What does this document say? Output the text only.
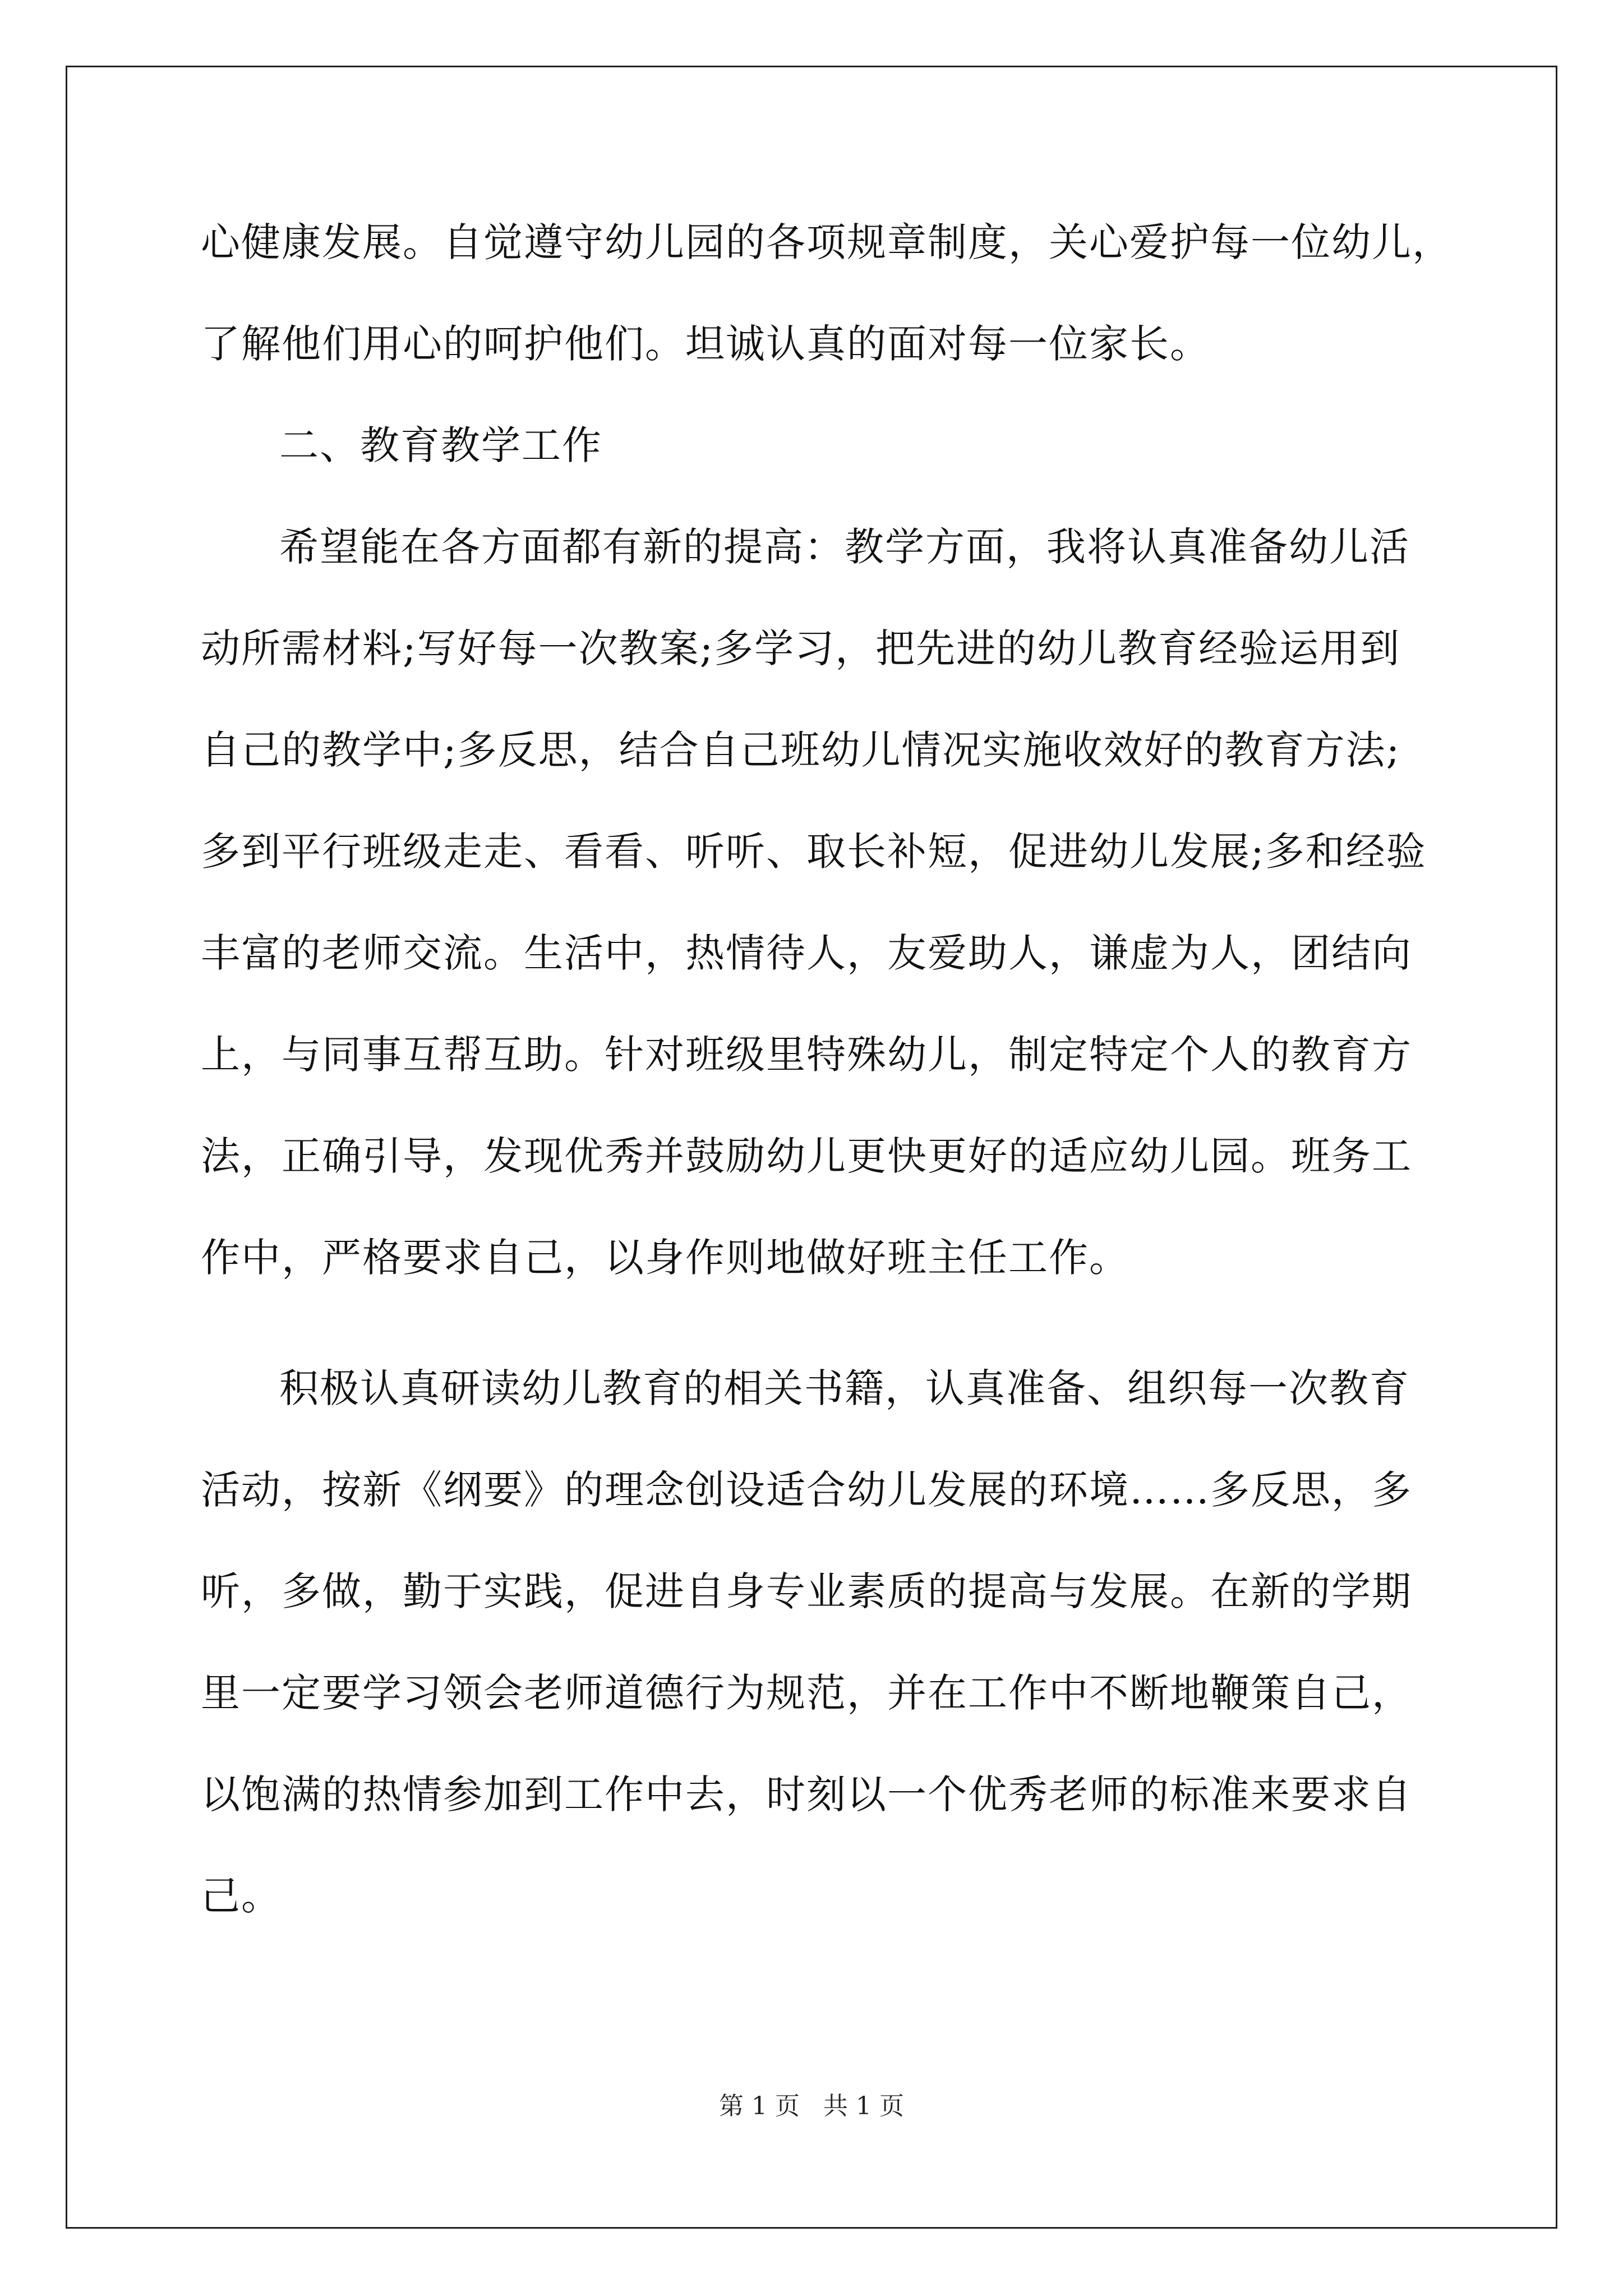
心健康发展。自觉遵守幼儿园的各项规章制度，关心爱护每一位幼儿，
了解他们用心的呵护他们。坦诚认真的面对每一位家长。
二、教育教学工作
希望能在各方面都有新的提高：教学方面，我将认真准备幼儿活
动所需材料;写好每一次教案;多学习，把先进的幼儿教育经验运用到
自己的教学中;多反思，结合自己班幼儿情况实施收效好的教育方法;
多到平行班级走走、看看、听听、取长补短，促进幼儿发展;多和经验
丰富的老师交流。生活中，热情待人，友爱助人，谦虚为人，团结向
上，与同事互帮互助。针对班级里特殊幼儿，制定特定个人的教育方
法，正确引导，发现优秀并鼓励幼儿更快更好的适应幼儿园。班务工
作中，严格要求自己，以身作则地做好班主任工作。
积极认真研读幼儿教育的相关书籍，认真准备、组织每一次教育
活动，按新《纲要》的理念创设适合幼儿发展的环境……多反思，多
听，多做，勤于实践，促进自身专业素质的提高与发展。在新的学期
里一定要学习领会老师道德行为规范，并在工作中不断地鞭策自己，
以饱满的热情参加到工作中去，时刻以一个优秀老师的标准来要求自
己。
第 1 页   共 1 页
